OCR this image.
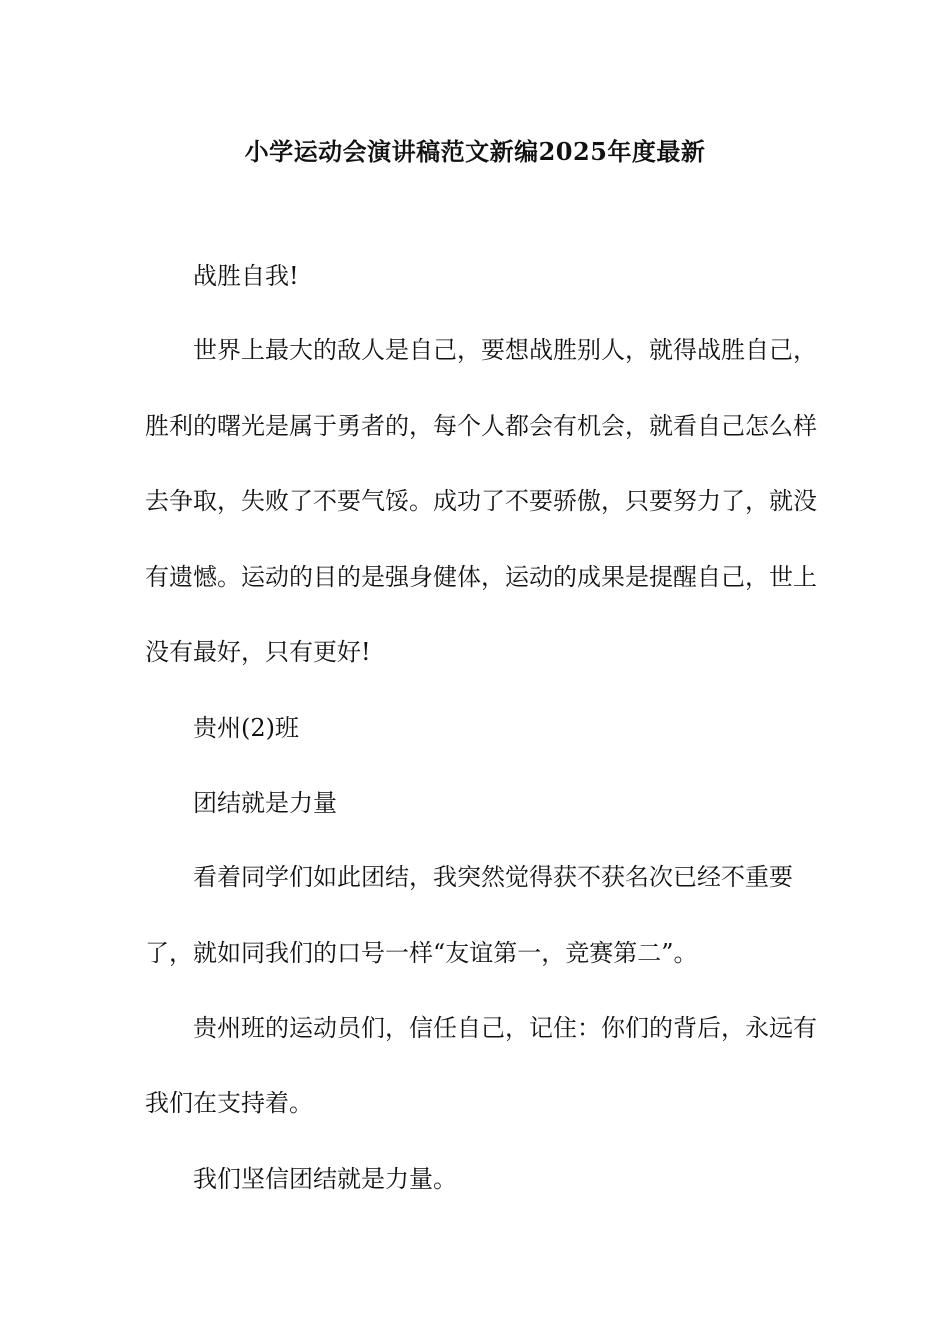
小学运动会演讲稿范文新编2025年度最新

战胜自我!

世界上最大的敌人是自己，要想战胜别人，就得战胜自己，胜利的曙光是属于勇者的，每个人都会有机会，就看自己怎么样去争取，失败了不要气馁。成功了不要骄傲，只要努力了，就没有遗憾。运动的目的是强身健体，运动的成果是提醒自己，世上没有最好，只有更好!

贵州(2)班

团结就是力量

看着同学们如此团结，我突然觉得获不获名次已经不重要了，就如同我们的口号一样“友谊第一，竞赛第二”。

贵州班的运动员们，信任自己，记住：你们的背后，永远有我们在支持着。

我们坚信团结就是力量。
